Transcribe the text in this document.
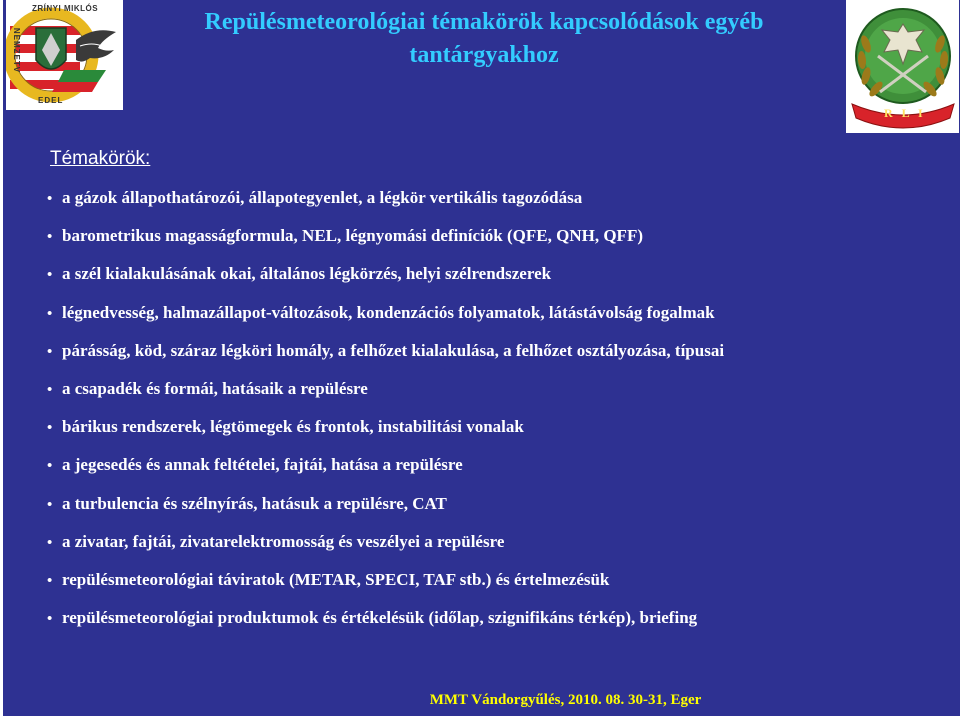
ZRÍNYI MIKLÓS
NEMZETV
EDEL
Repülésmeteorológiai témakörök kapcsolódások egyéb
tantárgyakhoz
R L I
Témakörök:
• a gázok állapothatározói, állapotegyenlet, a légkör vertikális tagozódása
• barometrikus magasságformula, NEL, légnyomási definíciók (QFE, QNH, QFF)
• a szél kialakulásának okai, általános légkörzés, helyi szélrendszerek
• légnedvesség, halmazállapot-változások, kondenzációs folyamatok, látástávolság fogalmak
• párásság, köd, száraz légköri homály, a felhőzet kialakulása, a felhőzet osztályozása, típusai
• a csapadék és formái, hatásaik a repülésre
• bárikus rendszerek, légtömegek és frontok, instabilitási vonalak
• a jegesedés és annak feltételei, fajtái, hatása a repülésre
• a turbulencia és szélnyírás, hatásuk a repülésre, CAT
• a zivatar, fajtái, zivatarelektromosság és veszélyei a repülésre
• repülésmeteorológiai táviratok (METAR, SPECI, TAF stb.) és értelmezésük
• repülésmeteorológiai produktumok és értékelésük (időlap, szignifikáns térkép), briefing
MMT Vándorgyűlés, 2010. 08. 30-31, Eger
